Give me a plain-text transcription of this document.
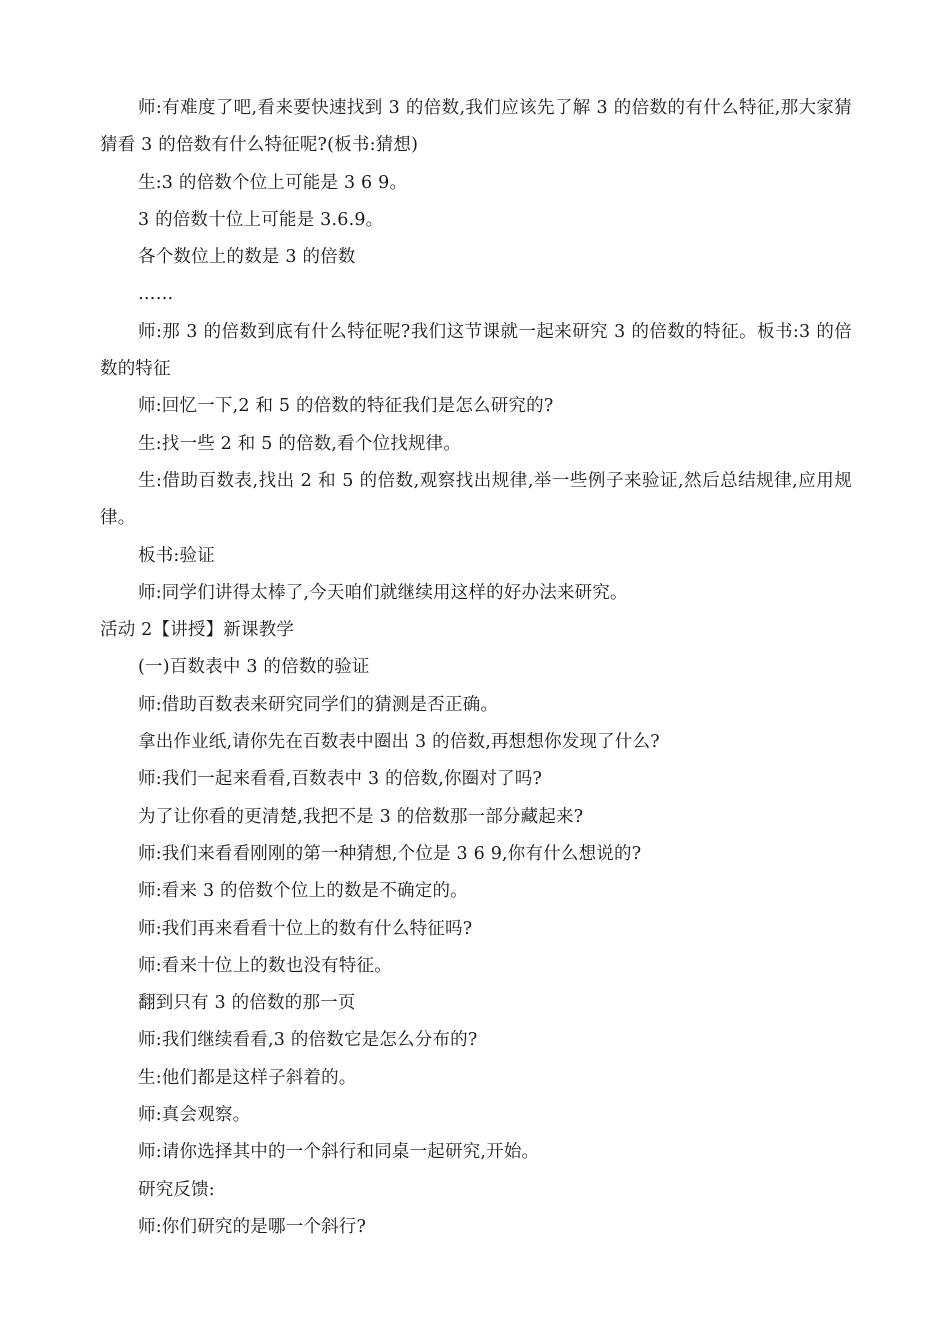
师:有难度了吧,看来要快速找到 3 的倍数,我们应该先了解 3 的倍数的有什么特征,那大家猜猜看 3 的倍数有什么特征呢?(板书:猜想)

生:3 的倍数个位上可能是 3 6 9。

3 的倍数十位上可能是 3.6.9。

各个数位上的数是 3 的倍数

……

师:那 3 的倍数到底有什么特征呢?我们这节课就一起来研究 3 的倍数的特征。板书:3 的倍数的特征

师:回忆一下,2 和 5 的倍数的特征我们是怎么研究的?

生:找一些 2 和 5 的倍数,看个位找规律。

生:借助百数表,找出 2 和 5 的倍数,观察找出规律,举一些例子来验证,然后总结规律,应用规律。

板书:验证

师:同学们讲得太棒了,今天咱们就继续用这样的好办法来研究。

活动 2【讲授】新课教学

(一)百数表中 3 的倍数的验证

师:借助百数表来研究同学们的猜测是否正确。

拿出作业纸,请你先在百数表中圈出 3 的倍数,再想想你发现了什么?

师:我们一起来看看,百数表中 3 的倍数,你圈对了吗?

为了让你看的更清楚,我把不是 3 的倍数那一部分藏起来?

师:我们来看看刚刚的第一种猜想,个位是 3 6 9,你有什么想说的?

师:看来 3 的倍数个位上的数是不确定的。

师:我们再来看看十位上的数有什么特征吗?

师:看来十位上的数也没有特征。

翻到只有 3 的倍数的那一页

师:我们继续看看,3 的倍数它是怎么分布的?

生:他们都是这样子斜着的。

师:真会观察。

师:请你选择其中的一个斜行和同桌一起研究,开始。

研究反馈:

师:你们研究的是哪一个斜行?
